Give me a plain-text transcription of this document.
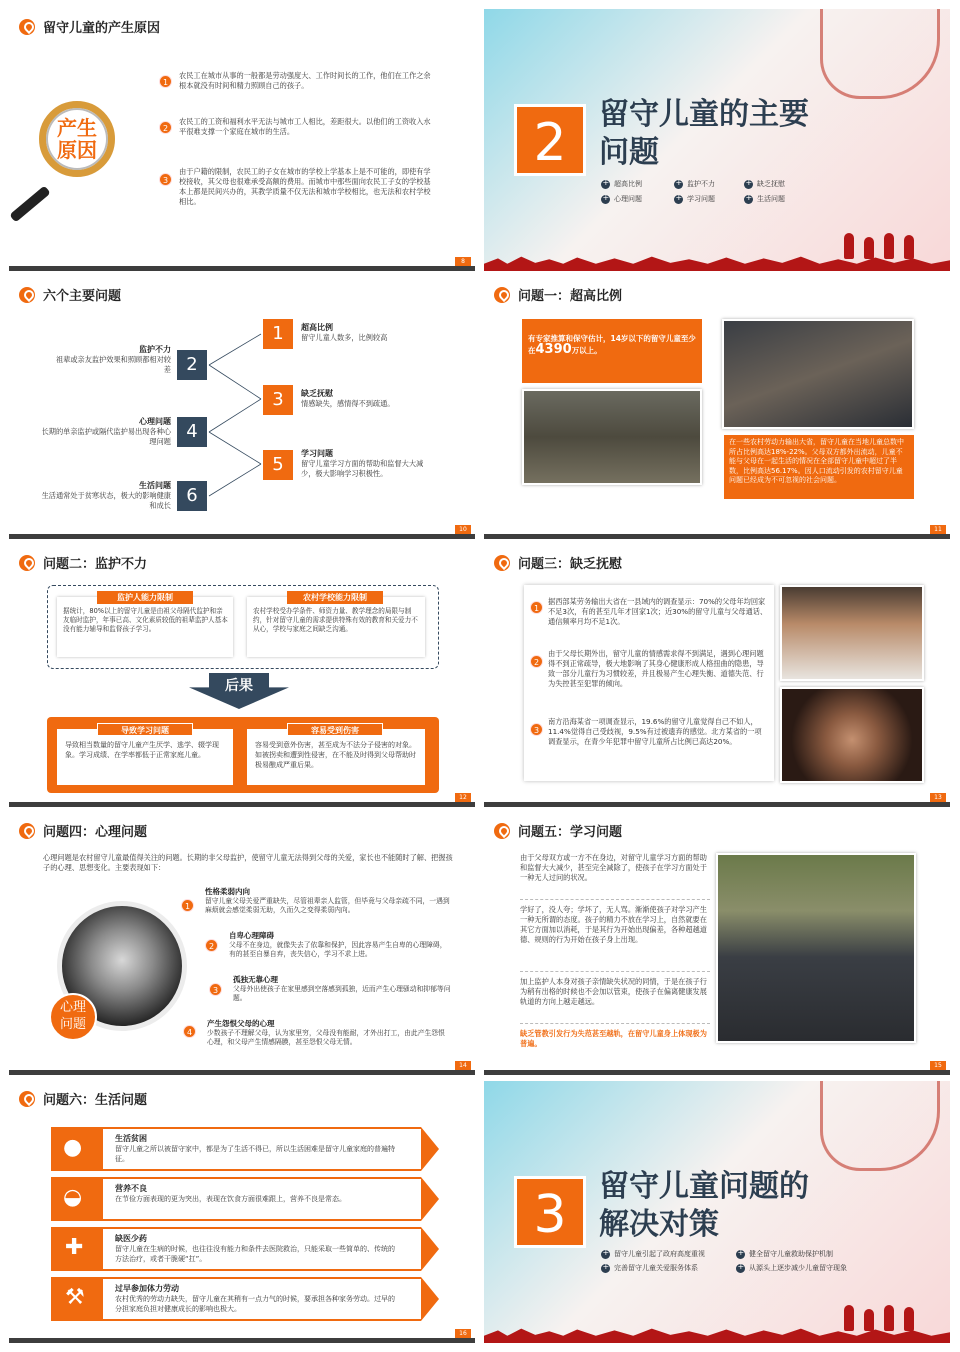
留守儿童的产生原因
产生原因
1
农民工在城市从事的一般都是劳动强度大、工作时间长的工作，他们在工作之余根本就没有时间和精力照顾自己的孩子。
2
农民工的工资和福利水平无法与城市工人相比，差距很大。以他们的工资收入水平很难支撑一个家庭在城市的生活。
3
由于户籍的限制，农民工的子女在城市的学校上学基本上是不可能的，即使有学校接收，其父母也很难承受高额的费用。而城市中那些面向农民工子女的学校基本上都是民间兴办的，其教学质量不仅无法和城市学校相比，也无法和农村学校相比。
8
2	留守儿童的主要
问题
+
超高比例 +	监护不力 +	缺乏抚慰
+
心理问题 +	学习问题 +	生活问题
六个主要问题
监护不力
祖辈或亲友监护效果和照顾都相对较差 2
心理问题
长期的单亲监护或隔代监护易出现各种心理问题 4
生活问题
生活通常处于贫寒状态，极大的影响健康和成长 6
1	超高比例
留守儿童人数多，比例较高
3	缺乏抚慰
情感缺失，感情得不到疏通。
5
学习问题
留守儿童学习方面的帮助和监督大大减少，极大影响学习积极性。
10
问题一：超高比例
有专家推算和保守估计，14岁以下的留守儿童至少在4390万以上。
在一些农村劳动力输出大省，留守儿童在当地儿童总数中所占比例高达18%-22%。父母双方都外出流动，儿童不能与父母在一起生活的情况在全部留守儿童中超过了半数，比例高达56.17%。因人口流动引发的农村留守儿童问题已经成为不可忽视的社会问题。
11
问题二：监护不力
监护人能力限制
据统计，80%以上的留守儿童是由祖父母隔代监护和亲友临时监护，年事已高、文化素质较低的祖辈监护人基本没有能力辅导和监督孩子学习。
农村学校能力限制
农村学校受办学条件、师资力量、教学理念的局限与制约，针对留守儿童的需求提供特殊有效的教育和关爱力不从心，学校与家庭之间缺乏沟通。
后果
导致学习问题
导致相当数量的留守儿童产生厌学、逃学、辍学现象。学习成绩、在学率都低于正常家庭儿童。
容易受到伤害
容易受到意外伤害，甚至成为不法分子侵害的对象。如被拐卖和遭到性侵害，在不能及时得到父母帮助时极易酿成严重后果。
12
问题三：缺乏抚慰
1
据西部某劳务输出大省在一县域内的调查显示：70%的父母年均回家不足3次，有的甚至几年才回家1次；近30%的留守儿童与父母通话、通信频率月均不足1次。
2
由于父母长期外出，留守儿童的情感需求得不到满足，遇到心理问题得不到正常疏导，极大地影响了其身心健康形成人格扭曲的隐患，导致一部分儿童行为习惯较差，并且极易产生心理失衡、道德失范、行为失控甚至犯罪的倾向。
3
南方沿海某省一项调查显示，19.6%的留守儿童觉得自己不如人，11.4%觉得自己受歧视，9.5%有过被遗弃的感觉。北方某省的一项调查显示，在青少年犯罪中留守儿童所占比例已高达20%。
13
问题四：心理问题
心理问题是农村留守儿童最值得关注的问题。长期的非父母监护，使留守儿童无法得到父母的关爱，家长也不能随时了解、把握孩子的心理、思想变化。主要表现如下：
心理问题
1
性格柔弱内向
留守儿童父母关爱严重缺失，尽管祖辈亲人监管，但毕竟与父母亲疏不同，一遇到麻烦就会感觉柔弱无助，久而久之变得柔弱内向。
2
自卑心理障碍
父母不在身边，就像失去了依靠和保护，因此容易产生自卑的心理障碍，有的甚至自暴自弃，丧失信心，学习不求上进。
3
孤独无靠心理
父母外出使孩子在家里感到空落感到孤独，近而产生心理骚动和抑郁等问题。
4
产生怨恨父母的心理
少数孩子不理解父母，认为家里穷，父母没有能耐，才外出打工，由此产生怨恨心理，和父母产生情感隔膜，甚至怨恨父母无情。
14
问题五：学习问题
由于父母双方或一方不在身边，对留守儿童学习方面的帮助和监督大大减少，甚至完全减除了，使孩子在学习方面处于一种无人过问的状况。
学好了，没人夸；学坏了，无人骂。渐渐使孩子对学习产生一种无所谓的态度。孩子的精力不放在学习上，自然就要在其它方面加以消耗，于是其行为开始出现偏差，各种超越道德、规则的行为开始在孩子身上出现。
加上监护人本身对孩子亲情缺失状况的同情，于是在孩子行为稍有出格的时候也不会加以管束，使孩子在偏离健康发展轨道的方向上越走越远。
缺乏管教引发行为失范甚至越轨，在留守儿童身上体现极为普遍。
15
问题六：生活问题
●	生活贫困
留守儿童之所以被留守家中，都是为了生活不得已，所以生活困难是留守儿童家庭的普遍特征。
◒	营养不良
在节俭方面表现的更为突出，表现在饮食方面很难跟上，营养不良是常态。
✚	缺医少药
留守儿童在生病的时候，也往往没有能力和条件去医院救治，只能采取一些简单的、传统的方法治疗，或者干脆硬“扛”。
⚒	过早参加体力劳动
农村优秀的劳动力缺失，留守儿童在其稍有一点力气的时候，要承担各种家务劳动。过早的分担家庭负担对健康成长的影响也极大。
16
3	留守儿童问题的
解决对策
+
留守儿童引起了政府高度重视 +	健全留守儿童救助保护机制
+
完善留守儿童关爱服务体系 +	从源头上逐步减少儿童留守现象
